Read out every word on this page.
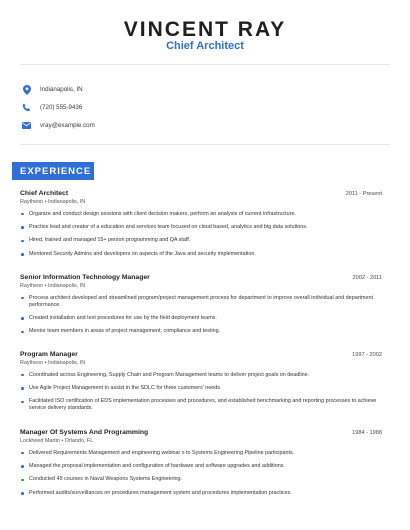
VINCENT RAY
Chief Architect
Indianapolis, IN
(720) 555-9436
vray@example.com
EXPERIENCE
Chief Architect	2011 - Present
Raytheon • Indianapolis, IN
Organize and conduct design sessions with client decision makers, perform an analysis of current infrastructure.
Practice lead and creator of a education and services team focused on cloud based, analytics and big data solutions.
Hired, trained and managed 15+ person programming and QA staff.
Mentored Security Admins and developers on aspects of the Java and security implementation.
Senior Information Technology Manager	2002 - 2011
Raytheon • Indianapolis, IN
Process architect developed and streamlined program/project management process for department to improve overall individual and department performance.
Created installation and test procedures for use by the field deployment teams.
Mentor team members in areas of project management, compliance and testing.
Program Manager	1997 - 2002
Raytheon • Indianapolis, IN
Coordinated across Engineering, Supply Chain and Program Management teams to deliver project goals on deadline.
Use Agile Project Management to assist in the SDLC for three customers' needs.
Facilitated ISO certification of EDS implementation processes and procedures, and established benchmarking and reporting processes to achieve service delivery standards.
Manager Of Systems And Programming	1984 - 1988
Lockheed Martin • Orlando, FL
Delivered Requirements Management and engineering webinar s to Systems Engineering Pipeline participants.
Managed the proposal implementation and configuration of hardware and software upgrades and additions.
Conducted 45 courses in Naval Weapons Systems Engineering.
Performed audits/surveillances on procedures management system and procedures implementation practices.
